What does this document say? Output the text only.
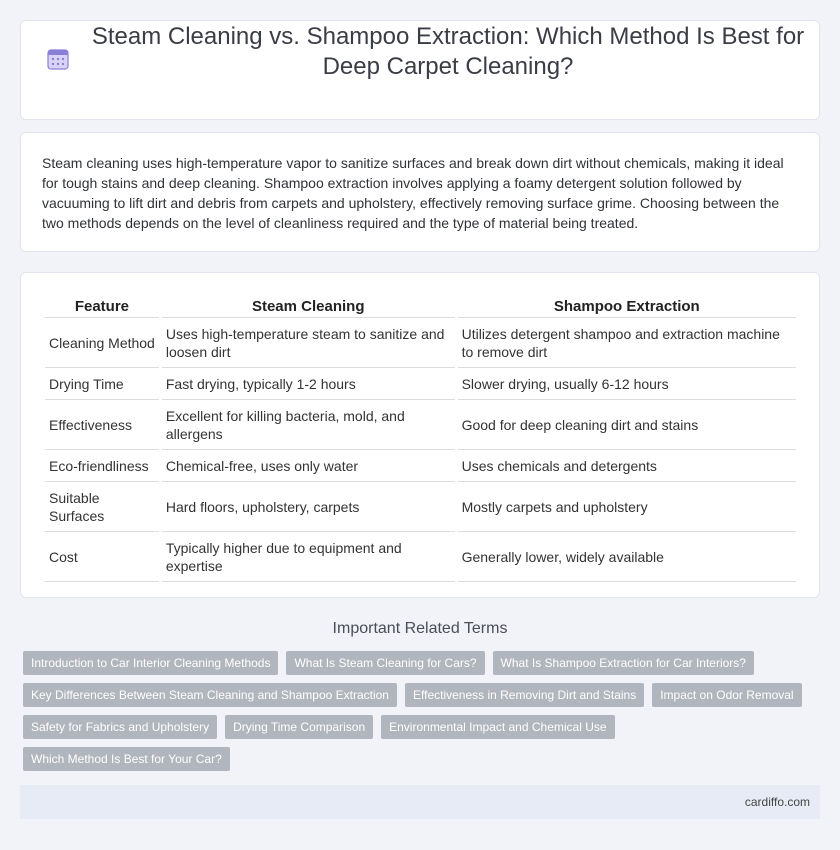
Steam Cleaning vs. Shampoo Extraction: Which Method Is Best for Deep Carpet Cleaning?

Steam cleaning uses high-temperature vapor to sanitize surfaces and break down dirt without chemicals, making it ideal for tough stains and deep cleaning. Shampoo extraction involves applying a foamy detergent solution followed by vacuuming to lift dirt and debris from carpets and upholstery, effectively removing surface grime. Choosing between the two methods depends on the level of cleanliness required and the type of material being treated.

Feature	Steam Cleaning	Shampoo Extraction
Cleaning Method	Uses high-temperature steam to sanitize and loosen dirt	Utilizes detergent shampoo and extraction machine to remove dirt
Drying Time	Fast drying, typically 1-2 hours	Slower drying, usually 6-12 hours
Effectiveness	Excellent for killing bacteria, mold, and allergens	Good for deep cleaning dirt and stains
Eco-friendliness	Chemical-free, uses only water	Uses chemicals and detergents
Suitable Surfaces	Hard floors, upholstery, carpets	Mostly carpets and upholstery
Cost	Typically higher due to equipment and expertise	Generally lower, widely available
Important Related Terms
Introduction to Car Interior Cleaning Methods	What Is Steam Cleaning for Cars?	What Is Shampoo Extraction for Car Interiors?
Key Differences Between Steam Cleaning and Shampoo Extraction	Effectiveness in Removing Dirt and Stains	Impact on Odor Removal
Safety for Fabrics and Upholstery	Drying Time Comparison	Environmental Impact and Chemical Use
Which Method Is Best for Your Car?
cardiffo.com
